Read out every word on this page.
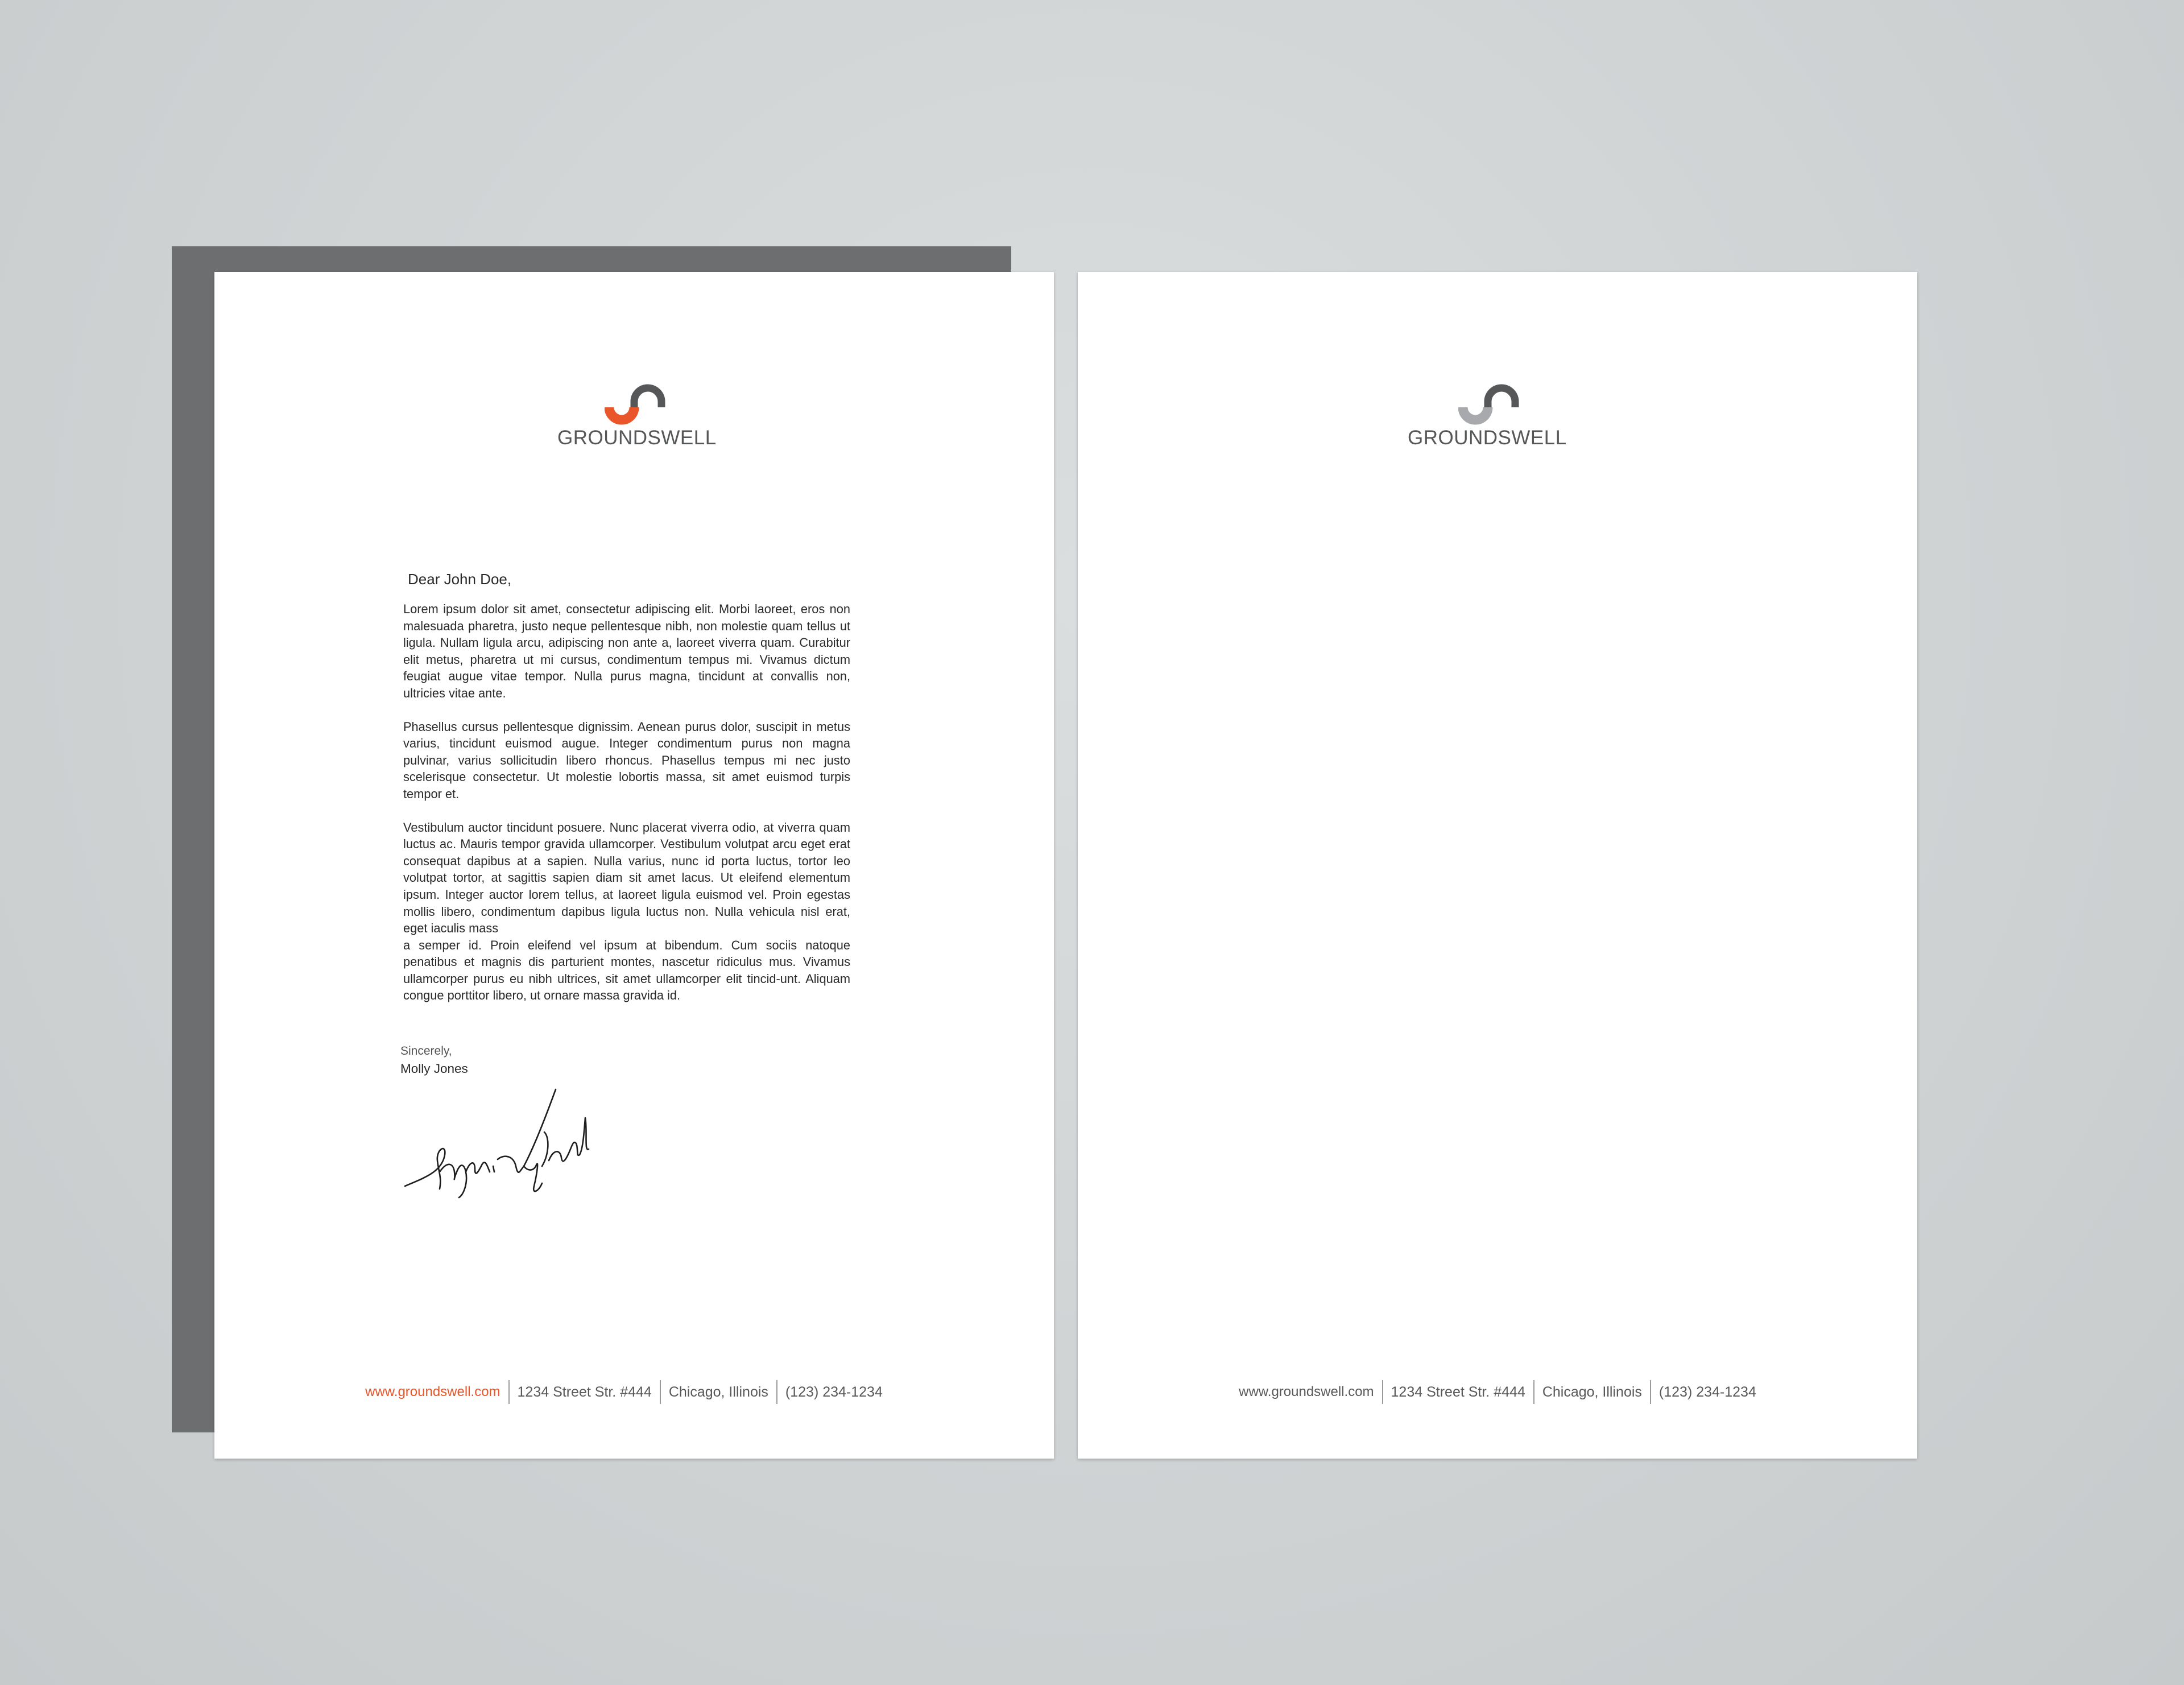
GROUNDSWELL
Dear John Doe,

Lorem ipsum dolor sit amet, consectetur adipiscing elit. Morbi laoreet, eros non malesuada pharetra, justo neque pellentesque nibh, non molestie quam tellus ut ligula. Nullam ligula arcu, adipiscing non ante a, laoreet viverra quam. Curabitur elit metus, pharetra ut mi cursus, condimentum tempus mi. Vivamus dictum feugiat augue vitae tempor. Nulla purus magna, tincidunt at convallis non, ultricies vitae ante.

Phasellus cursus pellentesque dignissim. Aenean purus dolor, suscipit in metus varius, tincidunt euismod augue. Integer condimentum purus non magna pulvinar, varius sollicitudin libero rhoncus. Phasellus tempus mi nec justo scelerisque consectetur. Ut molestie lobortis massa, sit amet euismod turpis tempor et.

Vestibulum auctor tincidunt posuere. Nunc placerat viverra odio, at viverra quam luctus ac. Mauris tempor gravida ullamcorper. Vestibulum volutpat arcu eget erat consequat dapibus at a sapien. Nulla varius, nunc id porta luctus, tortor leo volutpat tortor, at sagittis sapien diam sit amet lacus. Ut eleifend elementum ipsum. Integer auctor lorem tellus, at laoreet ligula euismod vel. Proin egestas mollis libero, condimentum dapibus ligula luctus non. Nulla vehicula nisl erat, eget iaculis mass
a semper id. Proin eleifend vel ipsum at bibendum. Cum sociis natoque penatibus et magnis dis parturient montes, nascetur ridiculus mus. Vivamus ullamcorper purus eu nibh ultrices, sit amet ullamcorper elit tincid-unt. Aliquam congue porttitor libero, ut ornare massa gravida id.

Sincerely,
Molly Jones
www.groundswell.com	1234 Street Str. #444	Chicago, Illinois	(123) 234-1234
GROUNDSWELL
www.groundswell.com	1234 Street Str. #444	Chicago, Illinois	(123) 234-1234
